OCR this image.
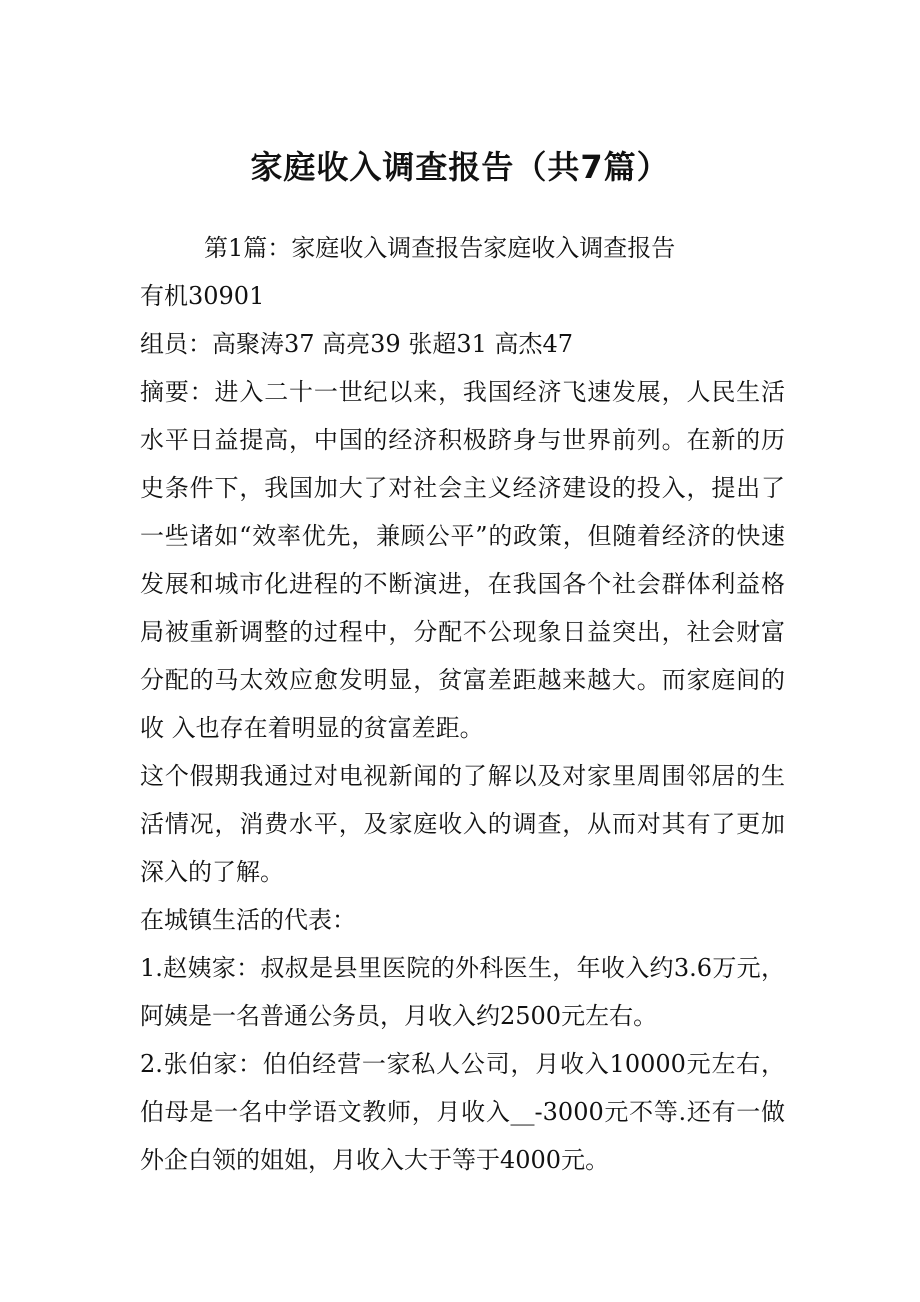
家庭收入调查报告（共7篇）

第1篇：家庭收入调查报告家庭收入调查报告

有机30901

组员：高聚涛37 高亮39 张超31 高杰47

摘要：进入二十一世纪以来，我国经济飞速发展，人民生活水平日益提高，中国的经济积极跻身与世界前列。在新的历史条件下，我国加大了对社会主义经济建设的投入，提出了一些诸如“效率优先，兼顾公平”的政策，但随着经济的快速发展和城市化进程的不断演进，在我国各个社会群体利益格局被重新调整的过程中，分配不公现象日益突出，社会财富分配的马太效应愈发明显，贫富差距越来越大。而家庭间的收 入也存在着明显的贫富差距。

这个假期我通过对电视新闻的了解以及对家里周围邻居的生活情况，消费水平，及家庭收入的调查，从而对其有了更加深入的了解。

在城镇生活的代表：

1.赵姨家：叔叔是县里医院的外科医生，年收入约3.6万元，阿姨是一名普通公务员，月收入约2500元左右。

2.张伯家：伯伯经营一家私人公司，月收入10000元左右，伯母是一名中学语文教师，月收入__-3000元不等.还有一做外企白领的姐姐，月收入大于等于4000元。
